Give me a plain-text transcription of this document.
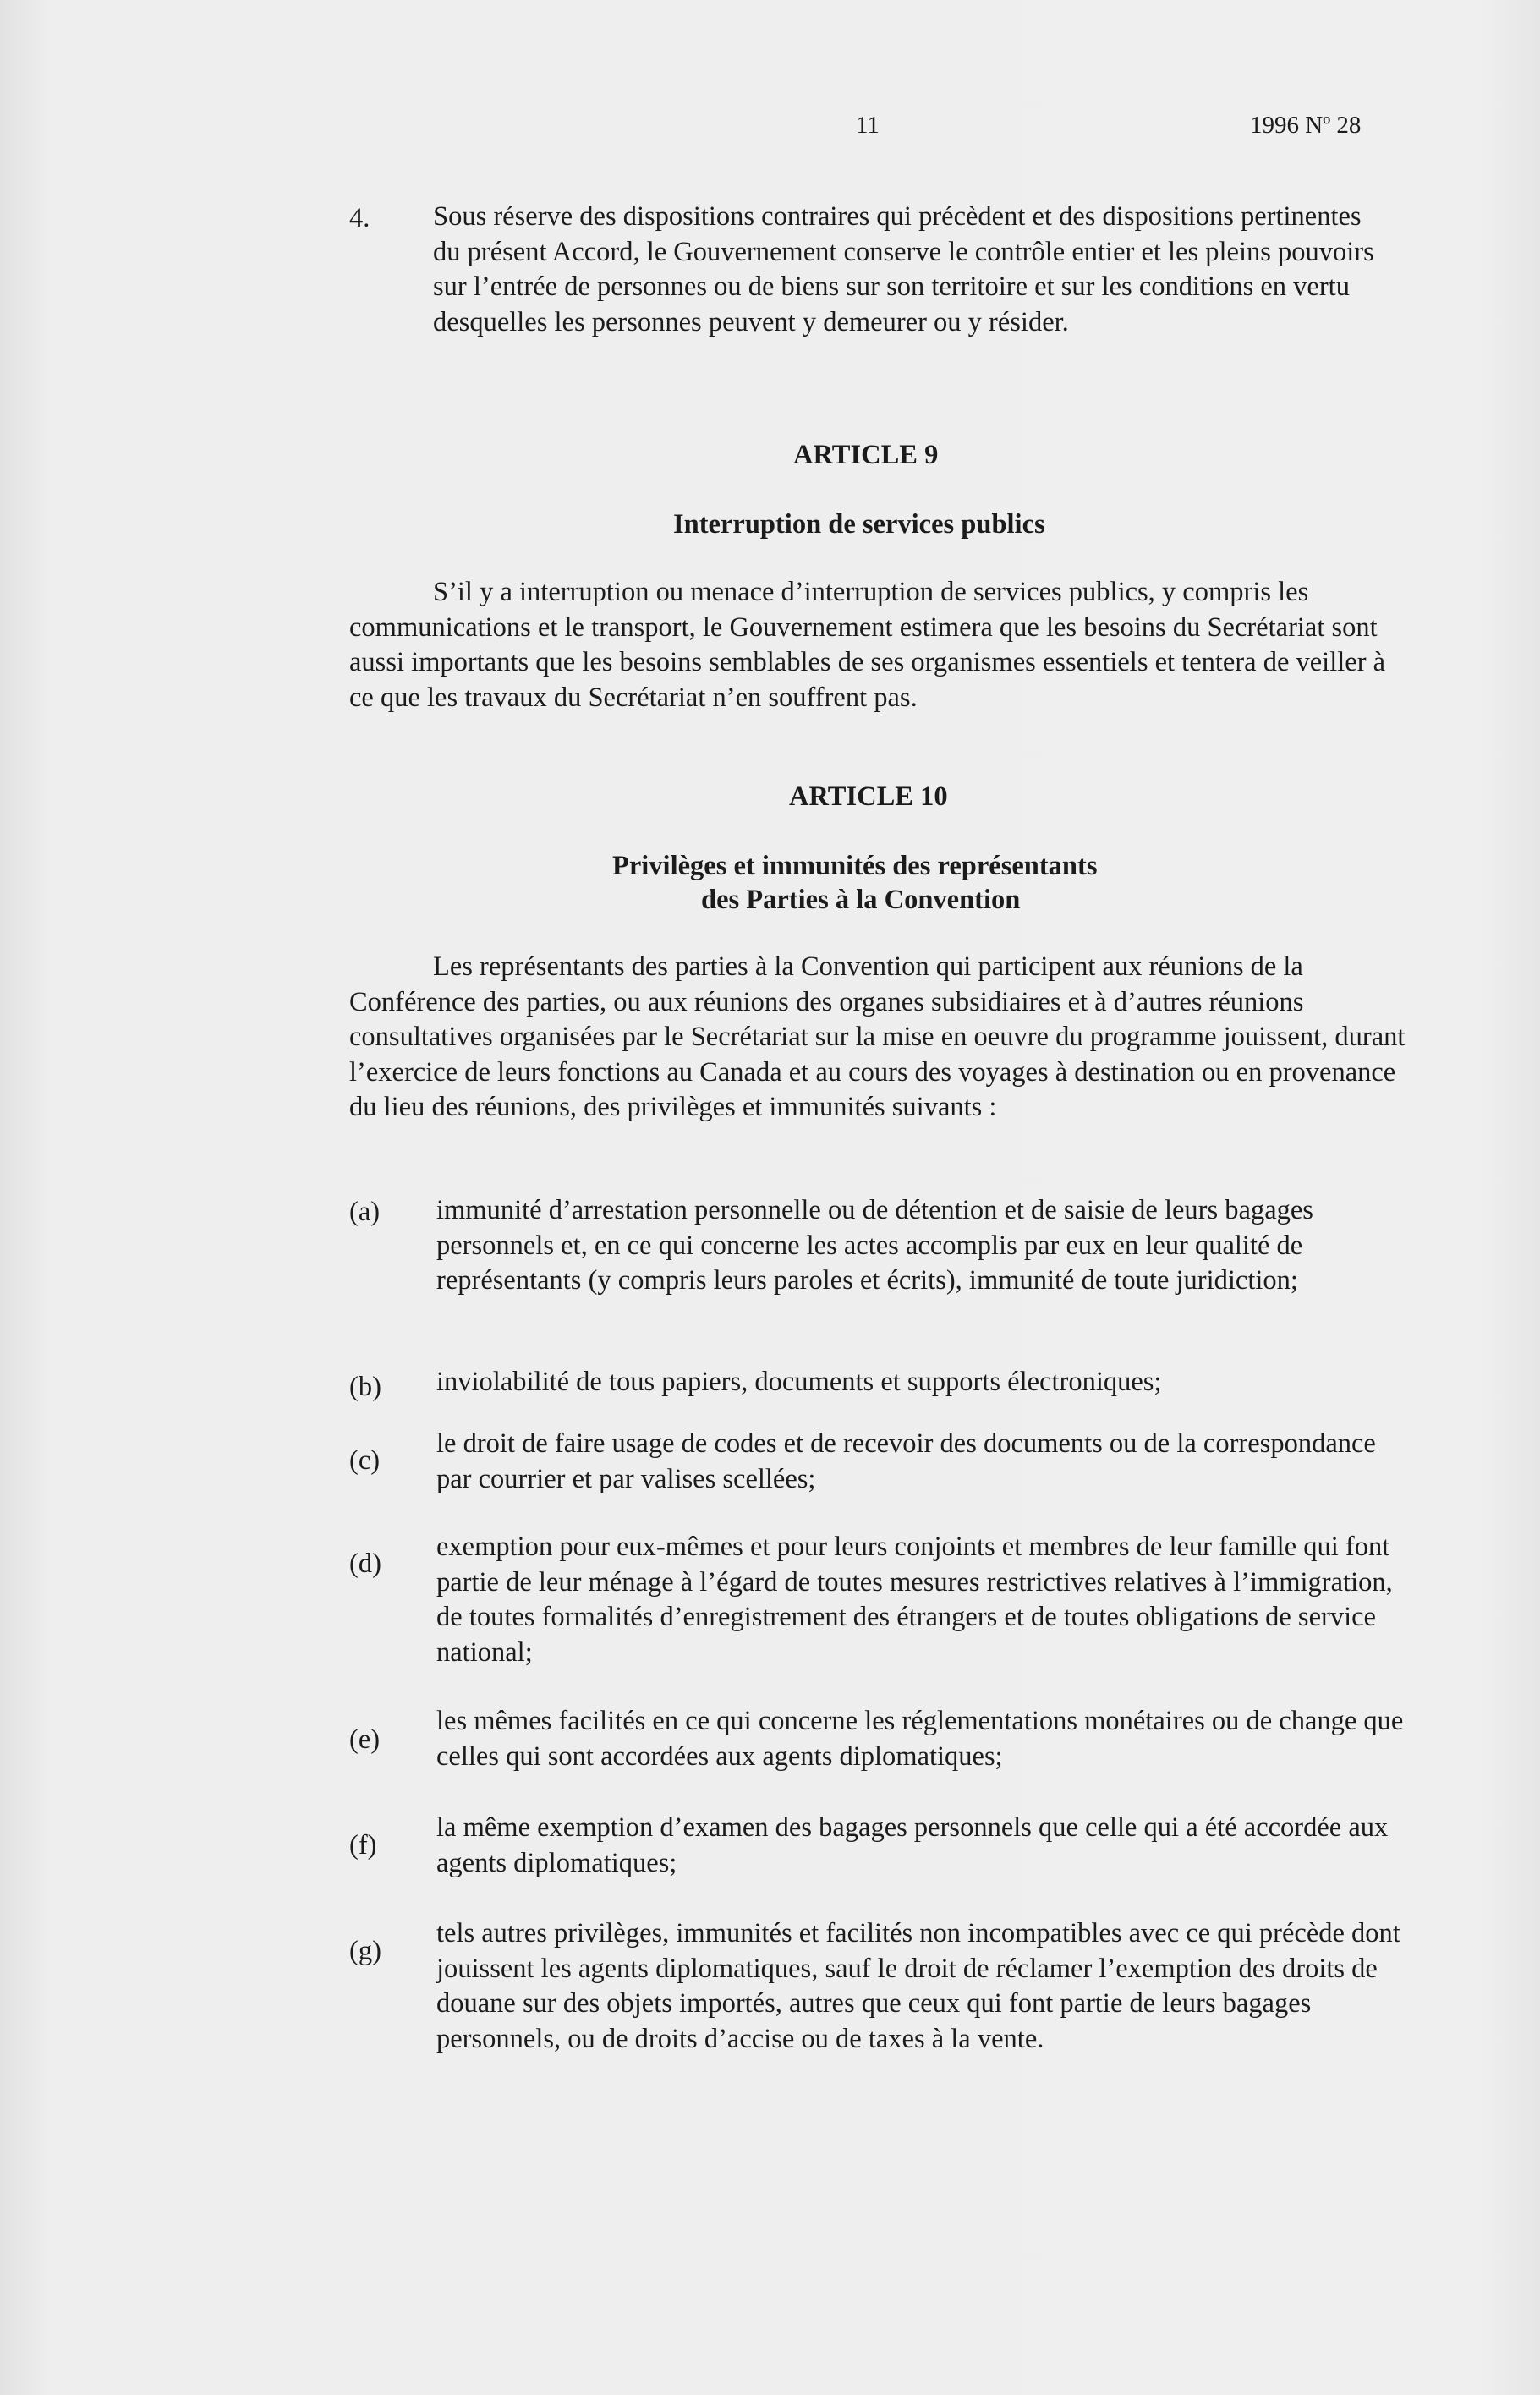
11	1996 Nº 28
4. Sous réserve des dispositions contraires qui précèdent et des dispositions pertinentes du présent Accord, le Gouvernement conserve le contrôle entier et les pleins pouvoirs sur l’entrée de personnes ou de biens sur son territoire et sur les conditions en vertu desquelles les personnes peuvent y demeurer ou y résider.

ARTICLE 9
Interruption de services publics

S’il y a interruption ou menace d’interruption de services publics, y compris les communications et le transport, le Gouvernement estimera que les besoins du Secrétariat sont aussi importants que les besoins semblables de ses organismes essentiels et tentera de veiller à ce que les travaux du Secrétariat n’en souffrent pas.

ARTICLE 10
Privilèges et immunités des représentants
des Parties à la Convention

Les représentants des parties à la Convention qui participent aux réunions de la Conférence des parties, ou aux réunions des organes subsidiaires et à d’autres réunions consultatives organisées par le Secrétariat sur la mise en oeuvre du programme jouissent, durant l’exercice de leurs fonctions au Canada et au cours des voyages à destination ou en provenance du lieu des réunions, des privilèges et immunités suivants :

(a) immunité d’arrestation personnelle ou de détention et de saisie de leurs bagages personnels et, en ce qui concerne les actes accomplis par eux en leur qualité de représentants (y compris leurs paroles et écrits), immunité de toute juridiction;

(b) inviolabilité de tous papiers, documents et supports électroniques;

(c)

le droit de faire usage de codes et de recevoir des documents ou de la correspondance par courrier et par valises scellées;

(d)

exemption pour eux-mêmes et pour leurs conjoints et membres de leur famille qui font partie de leur ménage à l’égard de toutes mesures restrictives relatives à l’immigration, de toutes formalités d’enregistrement des étrangers et de toutes obligations de service national;

(e)

les mêmes facilités en ce qui concerne les réglementations monétaires ou de change que celles qui sont accordées aux agents diplomatiques;

(f)

la même exemption d’examen des bagages personnels que celle qui a été accordée aux agents diplomatiques;

(g)

tels autres privilèges, immunités et facilités non incompatibles avec ce qui précède dont jouissent les agents diplomatiques, sauf le droit de réclamer l’exemption des droits de douane sur des objets importés, autres que ceux qui font partie de leurs bagages personnels, ou de droits d’accise ou de taxes à la vente.
